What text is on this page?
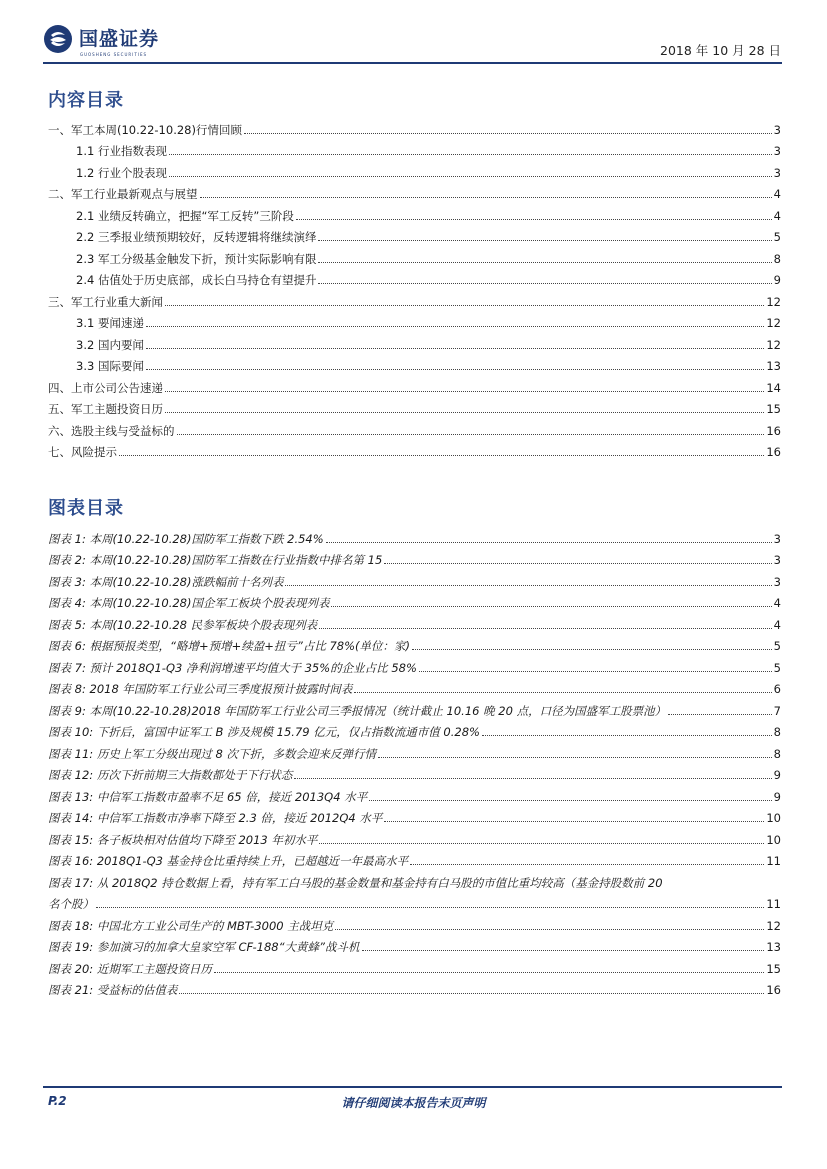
国盛证券
GUOSHENG SECURITIES	2018 年 10 月 28 日
内容目录
一、军工本周(10.22-10.28)行情回顾	3
1.1 行业指数表现	3
1.2 行业个股表现	3
二、军工行业最新观点与展望	4
2.1 业绩反转确立，把握“军工反转”三阶段	4
2.2 三季报业绩预期较好，反转逻辑将继续演绎	5
2.3 军工分级基金触发下折，预计实际影响有限	8
2.4 估值处于历史底部，成长白马持仓有望提升	9
三、军工行业重大新闻	12
3.1 要闻速递	12
3.2 国内要闻	12
3.3 国际要闻	13
四、上市公司公告速递	14
五、军工主题投资日历	15
六、选股主线与受益标的	16
七、风险提示	16
图表目录
图表 1: 本周(10.22-10.28)国防军工指数下跌 2.54%	3
图表 2: 本周(10.22-10.28)国防军工指数在行业指数中排名第 15	3
图表 3: 本周(10.22-10.28)涨跌幅前十名列表	3
图表 4: 本周(10.22-10.28)国企军工板块个股表现列表	4
图表 5: 本周(10.22-10.28 民参军板块个股表现列表	4
图表 6: 根据预报类型，“略增+预增+续盈+扭亏”占比 78%(单位：家)	5
图表 7: 预计 2018Q1-Q3 净利润增速平均值大于 35%的企业占比 58%	5
图表 8: 2018 年国防军工行业公司三季度报预计披露时间表	6
图表 9: 本周(10.22-10.28)2018 年国防军工行业公司三季报情况（统计截止 10.16 晚 20 点，口径为国盛军工股票池）	7
图表 10: 下折后，富国中证军工 B 涉及规模 15.79 亿元，仅占指数流通市值 0.28%	8
图表 11: 历史上军工分级出现过 8 次下折，多数会迎来反弹行情	8
图表 12: 历次下折前期三大指数都处于下行状态	9
图表 13: 中信军工指数市盈率不足 65 倍，接近 2013Q4 水平	9
图表 14: 中信军工指数市净率下降至 2.3 倍，接近 2012Q4 水平	10
图表 15: 各子板块相对估值均下降至 2013 年初水平	10
图表 16: 2018Q1-Q3 基金持仓比重持续上升，已超越近一年最高水平	11
图表 17: 从 2018Q2 持仓数据上看，持有军工白马股的基金数量和基金持有白马股的市值比重均较高（基金持股数前 20
名个股）	11
图表 18: 中国北方工业公司生产的 MBT-3000 主战坦克	12
图表 19: 参加演习的加拿大皇家空军 CF-188“大黄蜂”战斗机	13
图表 20: 近期军工主题投资日历	15
图表 21: 受益标的估值表	16
P.2	请仔细阅读本报告末页声明
